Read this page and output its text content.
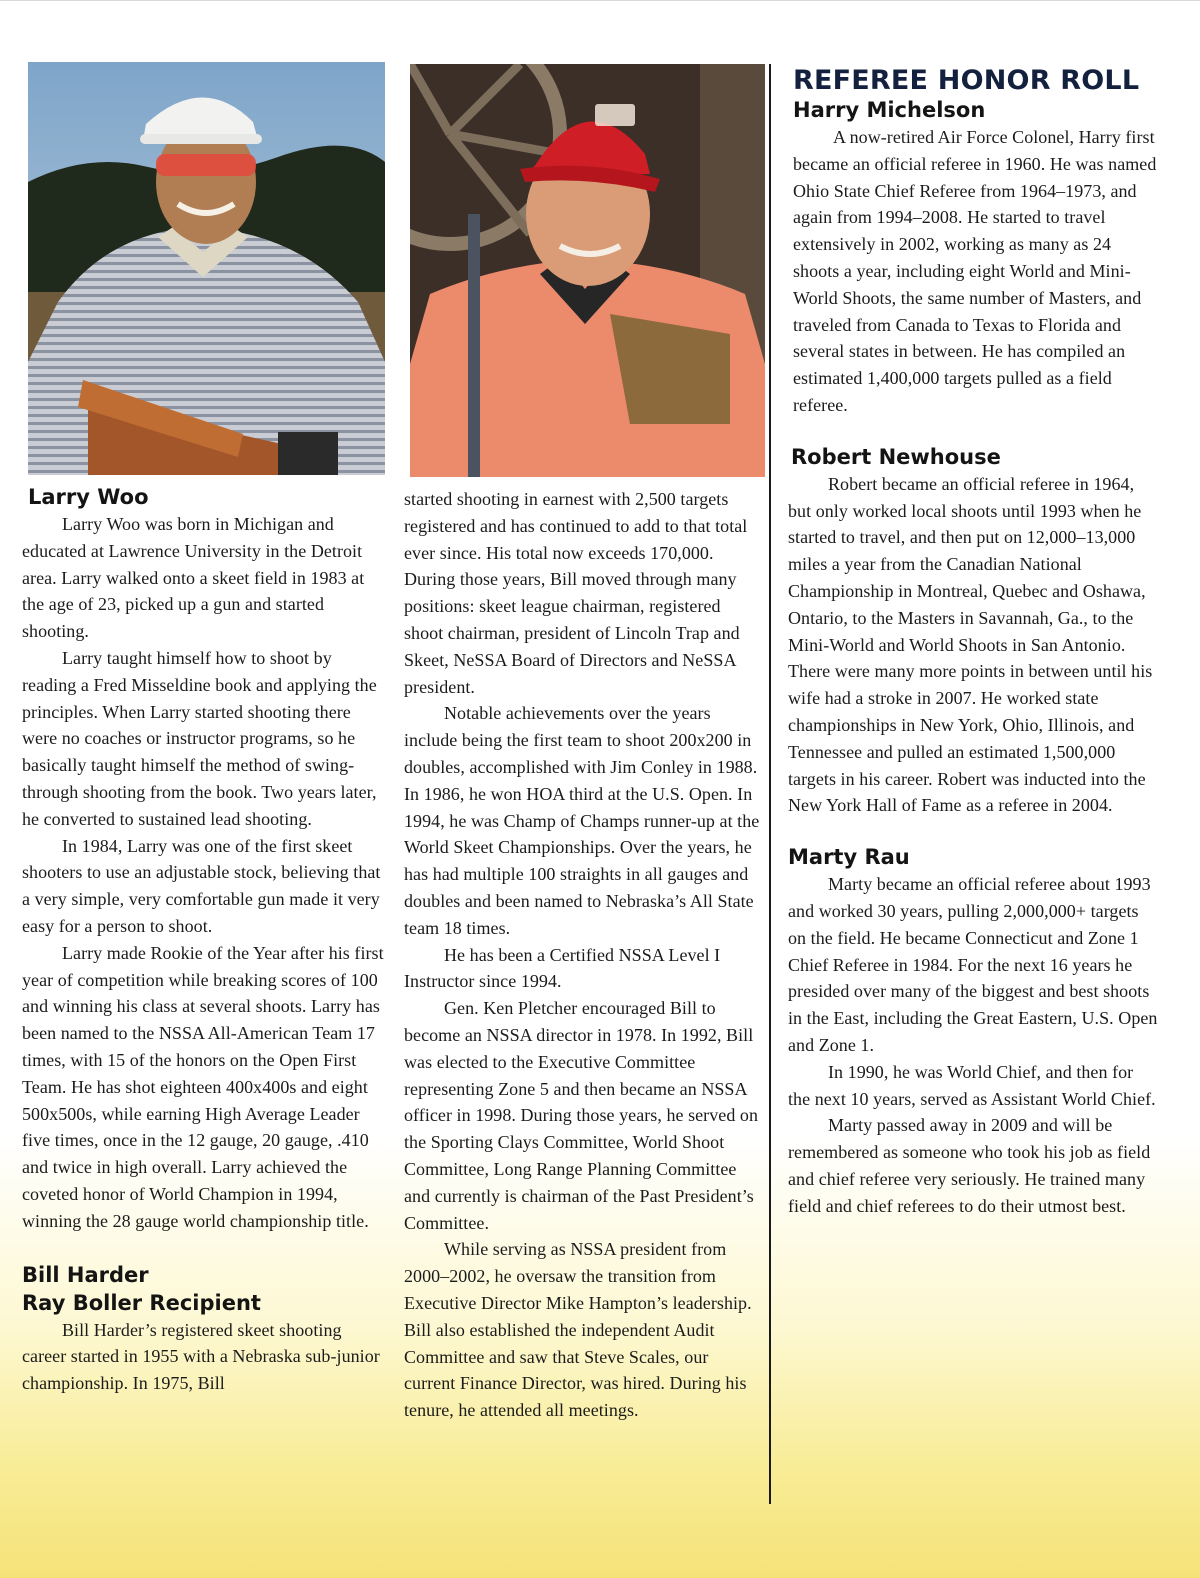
Larry Woo

Larry Woo was born in Michigan and educated at Lawrence University in the Detroit area. Larry walked onto a skeet field in 1983 at the age of 23, picked up a gun and started shooting.

Larry taught himself how to shoot by reading a Fred Misseldine book and applying the principles. When Larry started shooting there were no coaches or instructor programs, so he basically taught himself the method of swing-through shooting from the book. Two years later, he converted to sustained lead shooting.

In 1984, Larry was one of the first skeet shooters to use an adjustable stock, believing that a very simple, very comfortable gun made it very easy for a person to shoot.

Larry made Rookie of the Year after his first year of competition while breaking scores of 100 and winning his class at several shoots. Larry has been named to the NSSA All-American Team 17 times, with 15 of the honors on the Open First Team. He has shot eighteen 400x400s and eight 500x500s, while earning High Average Leader five times, once in the 12 gauge, 20 gauge, .410 and twice in high overall. Larry achieved the coveted honor of World Champion in 1994, winning the 28 gauge world championship title.

Bill Harder
Ray Boller Recipient

Bill Harder’s registered skeet shooting career started in 1955 with a Nebraska sub-junior championship. In 1975, Bill

started shooting in earnest with 2,500 targets registered and has continued to add to that total ever since. His total now exceeds 170,000. During those years, Bill moved through many positions: skeet league chairman, registered shoot chairman, president of Lincoln Trap and Skeet, NeSSA Board of Directors and NeSSA president.

Notable achievements over the years include being the first team to shoot 200x200 in doubles, accomplished with Jim Conley in 1988. In 1986, he won HOA third at the U.S. Open. In 1994, he was Champ of Champs runner-up at the World Skeet Championships. Over the years, he has had multiple 100 straights in all gauges and doubles and been named to Nebraska’s All State team 18 times.

He has been a Certified NSSA Level I Instructor since 1994.

Gen. Ken Pletcher encouraged Bill to become an NSSA director in 1978. In 1992, Bill was elected to the Executive Committee representing Zone 5 and then became an NSSA officer in 1998. During those years, he served on the Sporting Clays Committee, World Shoot Committee, Long Range Planning Committee and currently is chairman of the Past President’s Committee.

While serving as NSSA president from 2000–2002, he oversaw the transition from Executive Director Mike Hampton’s leadership. Bill also established the independent Audit Committee and saw that Steve Scales, our current Finance Director, was hired. During his tenure, he attended all meetings.

REFEREE HONOR ROLL
Harry Michelson

A now-retired Air Force Colonel, Harry first became an official referee in 1960. He was named Ohio State Chief Referee from 1964–1973, and again from 1994–2008. He started to travel extensively in 2002, working as many as 24 shoots a year, including eight World and Mini-World Shoots, the same number of Masters, and traveled from Canada to Texas to Florida and several states in between. He has compiled an estimated 1,400,000 targets pulled as a field referee.

Robert Newhouse

Robert became an official referee in 1964, but only worked local shoots until 1993 when he started to travel, and then put on 12,000–13,000 miles a year from the Canadian National Championship in Montreal, Quebec and Oshawa, Ontario, to the Masters in Savannah, Ga., to the Mini-World and World Shoots in San Antonio. There were many more points in between until his wife had a stroke in 2007. He worked state championships in New York, Ohio, Illinois, and Tennessee and pulled an estimated 1,500,000 targets in his career. Robert was inducted into the New York Hall of Fame as a referee in 2004.

Marty Rau

Marty became an official referee about 1993 and worked 30 years, pulling 2,000,000+ targets on the field. He became Connecticut and Zone 1 Chief Referee in 1984. For the next 16 years he presided over many of the biggest and best shoots in the East, including the Great Eastern, U.S. Open and Zone 1.

In 1990, he was World Chief, and then for the next 10 years, served as Assistant World Chief.

Marty passed away in 2009 and will be remembered as someone who took his job as field and chief referee very seriously. He trained many field and chief referees to do their utmost best.
